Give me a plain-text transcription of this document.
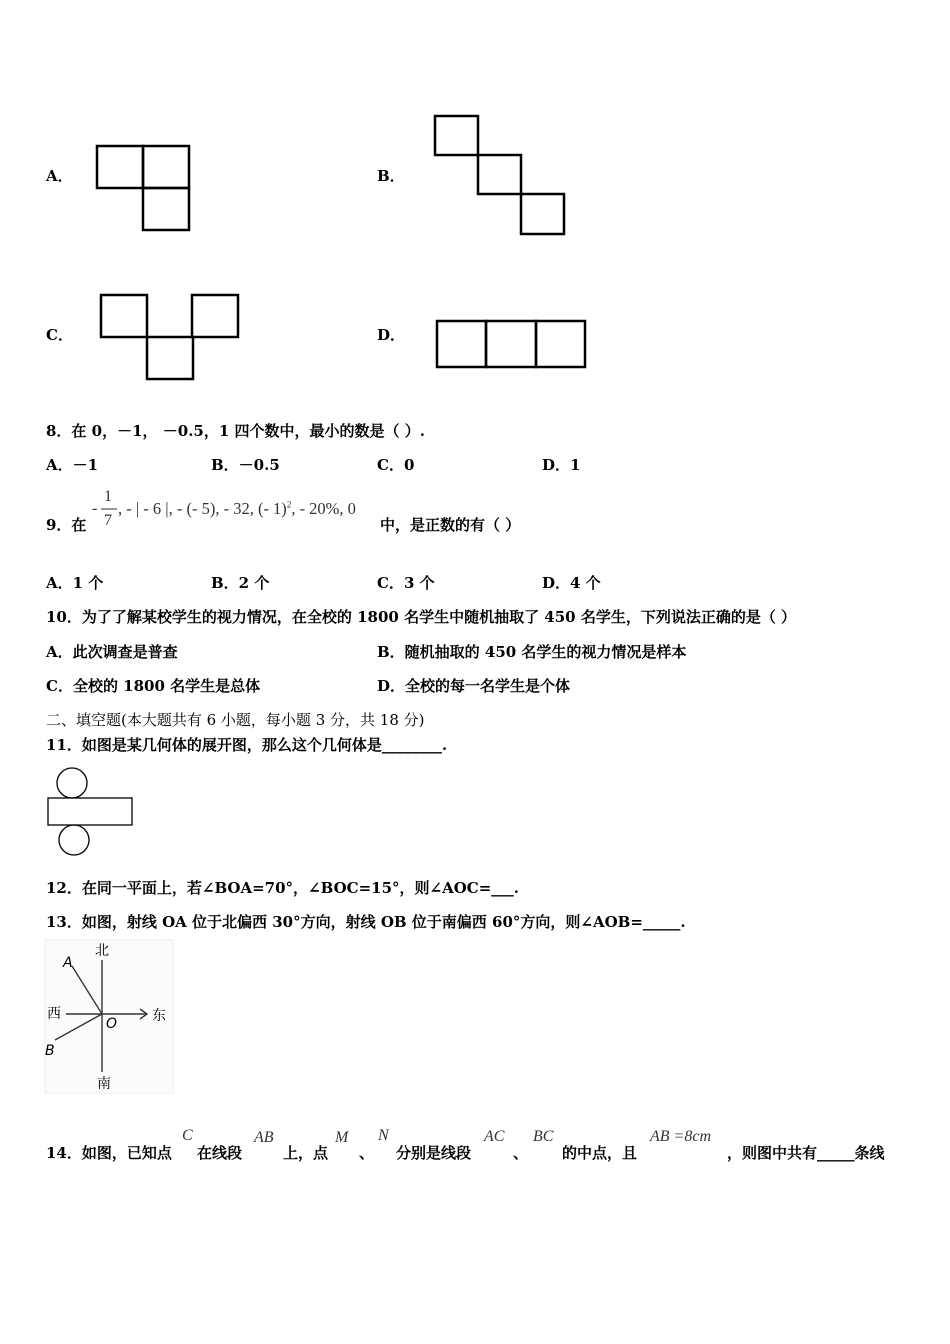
A．	B．
C．	D．
8．在 0，－1， －0.5，1 四个数中，最小的数是（ ）.
A．－1	B．－0.5	C．0	D．1
9．在
-
1
7
, - | - 6 |, - (- 5), - 32, (- 1)$^2$, - 20%, 0
中，是正数的有（ ）
A．1 个	B．2 个	C．3 个	D．4 个
10．为了了解某校学生的视力情况，在全校的 1800 名学生中随机抽取了 450 名学生，下列说法正确的是（ ）
A．此次调查是普查	B．随机抽取的 450 名学生的视力情况是样本
C．全校的 1800 名学生是总体	D．全校的每一名学生是个体
二、填空题(本大题共有 6 小题，每小题 3 分，共 18 分)
11．如图是某几何体的展开图，那么这个几何体是________.
12．在同一平面上，若∠BOA=70°，∠BOC=15°，则∠AOC=___.
13．如图，射线 OA 位于北偏西 30°方向，射线 OB 位于南偏西 60°方向，则∠AOB=_____.
北
南
东
西
A
B
O
14．如图，已知点
C
在线段
AB
上，点
M
、
N
分别是线段
AC
、
BC
的中点，且
AB =8cm
，则图中共有_____条线
